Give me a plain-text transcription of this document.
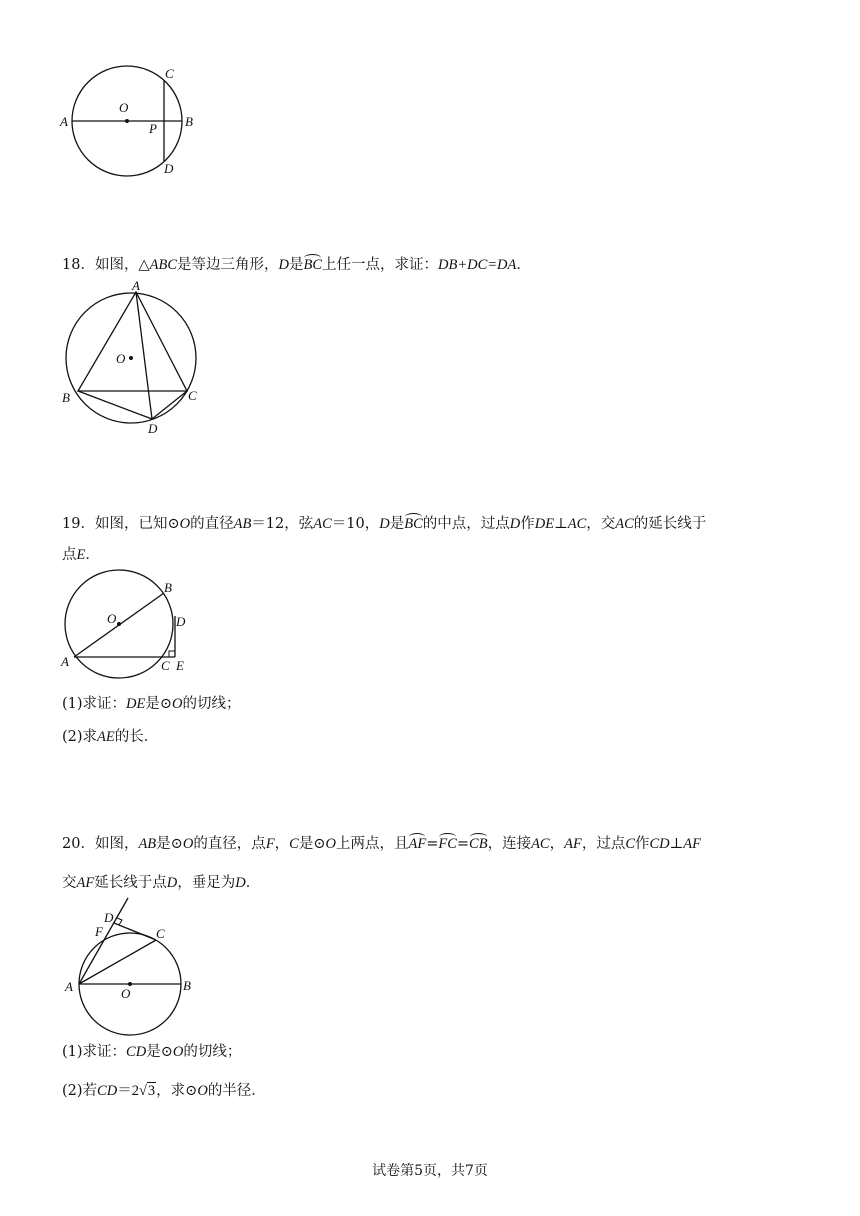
A	B
C
D
O
P
18．如图，△ABC是等边三角形，D是BC上任一点，求证：DB+DC=DA．
A
B	C
D
O
19．如图，已知⊙O的直径AB＝12，弦AC＝10，D是BC的中点，过点D作DE⊥AC，交AC的延长线于
点E．
A
B
C
D
E
O
(1)求证：DE是⊙O的切线；
(2)求AE的长．
20．如图，AB是⊙O的直径，点F，C是⊙O上两点，且AF=FC=CB，连接AC，AF，过点C作CD⊥AF
交AF延长线于点D，垂足为D．
A	B
C
D
F
O
(1)求证：CD是⊙O的切线；
(2)若CD＝2√3，求⊙O的半径．
试卷第5页，共7页
